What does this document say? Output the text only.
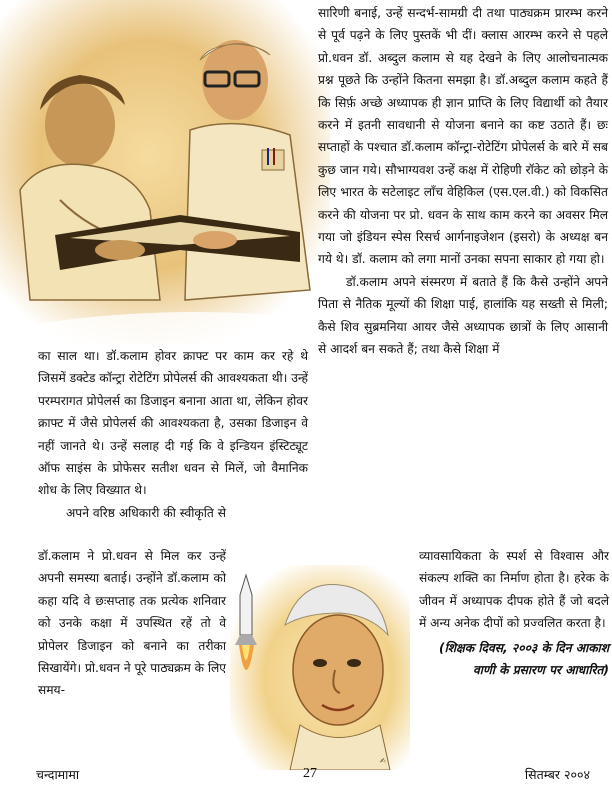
का साल था। डॉ.कलाम होवर क्राफ्ट पर काम कर रहे थे जिसमें डक्टेड कॉन्ट्रा रोटेटिंग प्रोपेलर्स की आवश्यकता थी। उन्हें परम्परागत प्रोपेलर्स का डिजाइन बनाना आता था, लेकिन होवर क्राफ्ट में जैसे प्रोपेलर्स की आवश्यकता है, उसका डिजाइन वे नहीं जानते थे। उन्हें सलाह दी गई कि वे इन्डियन इंस्टिट्यूट ऑफ साइंस के प्रोफेसर सतीश धवन से मिलें, जो वैमानिक शोध के लिए विख्यात थे।

अपने वरिष्ठ अधिकारी की स्वीकृति से

डॉ.कलाम ने प्रो.धवन से मिल कर उन्हें अपनी समस्या बताई। उन्होंने डॉ.कलाम को कहा यदि वे छःसप्ताह तक प्रत्येक शनिवार को उनके कक्षा में उपस्थित रहें तो वे प्रोपेलर डिजाइन को बनाने का तरीका सिखायेंगे। प्रो.धवन ने पूरे पाठ्यक्रम के लिए समय-

सारिणी बनाई, उन्हें सन्दर्भ-सामग्री दी तथा पाठ्यक्रम प्रारम्भ करने से पूर्व पढ़ने के लिए पुस्तकें भी दीं। क्लास आरम्भ करने से पहले प्रो.धवन डॉ. अब्दुल कलाम से यह देखने के लिए आलोचनात्मक प्रश्न पूछते कि उन्होंने कितना समझा है। डॉ.अब्दुल कलाम कहते हैं कि सिर्फ़ अच्छे अध्यापक ही ज्ञान प्राप्ति के लिए विद्यार्थी को तैयार करने में इतनी सावधानी से योजना बनाने का कष्ट उठाते हैं। छः सप्ताहों के पश्चात डॉ.कलाम कॉन्ट्रा-रोटेटिंग प्रोपेलर्स के बारे में सब कुछ जान गये। सौभाग्यवश उन्हें कक्ष में रोहिणी रॉकेट को छोड़ने के लिए भारत के सटेलाइट लॉंच वेहिकिल (एस.एल.वी.) को विकसित करने की योजना पर प्रो. धवन के साथ काम करने का अवसर मिल गया जो इंडियन स्पेस रिसर्च आर्गनाइजेशन (इसरो) के अध्यक्ष बन गये थे। डॉ. कलाम को लगा मानों उनका सपना साकार हो गया हो।

डॉ.कलाम अपने संस्मरण में बताते हैं कि कैसे उन्होंने अपने पिता से नैतिक मूल्यों की शिक्षा पाई, हालांकि यह सख्ती से मिली; कैसे शिव सुब्रमनिया आयर जैसे अध्यापक छात्रों के लिए आसानी से आदर्श बन सकते हैं; तथा कैसे शिक्षा में

व्यावसायिकता के स्पर्श से विश्वास और संकल्प शक्ति का निर्माण होता है। हरेक के जीवन में अध्यापक दीपक होते हैं जो बदले में अन्य अनेक दीपों को प्रज्वलित करता है।

(शिक्षक दिवस, २००३ के दिन आकाश वाणी के प्रसारण पर आधारित)

✍
चन्दामामा	27	सितम्बर २००४
